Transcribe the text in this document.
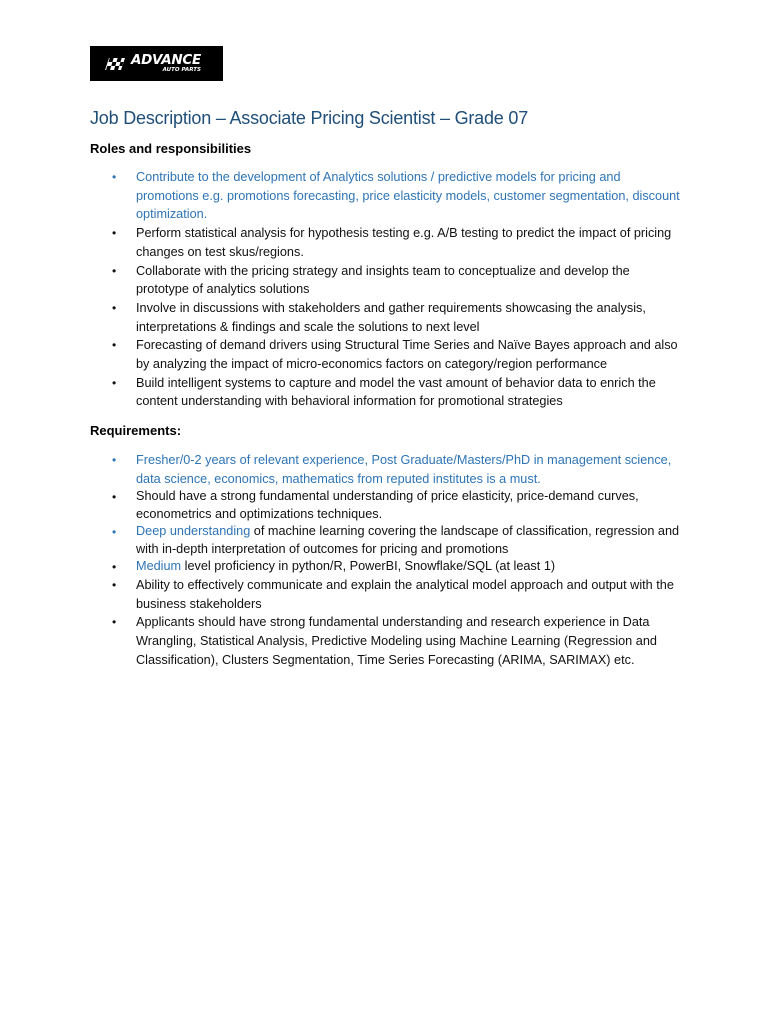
ADVANCE
AUTO PARTS
Job Description – Associate Pricing Scientist – Grade 07
Roles and responsibilities
• Contribute to the development of Analytics solutions / predictive models for pricing and promotions e.g. promotions forecasting, price elasticity models, customer segmentation, discount optimization.
• Perform statistical analysis for hypothesis testing e.g. A/B testing to predict the impact of pricing changes on test skus/regions.
• Collaborate with the pricing strategy and insights team to conceptualize and develop the prototype of analytics solutions
• Involve in discussions with stakeholders and gather requirements showcasing the analysis, interpretations & findings and scale the solutions to next level
• Forecasting of demand drivers using Structural Time Series and Naïve Bayes approach and also by analyzing the impact of micro-economics factors on category/region performance
• Build intelligent systems to capture and model the vast amount of behavior data to enrich the content understanding with behavioral information for promotional strategies
Requirements:
• Fresher/0-2 years of relevant experience, Post Graduate/Masters/PhD in management science, data science, economics, mathematics from reputed institutes is a must.
• Should have a strong fundamental understanding of price elasticity, price-demand curves, econometrics and optimizations techniques.
• Deep understanding of machine learning covering the landscape of classification, regression and with in-depth interpretation of outcomes for pricing and promotions
• Medium level proficiency in python/R, PowerBI, Snowflake/SQL (at least 1)
• Ability to effectively communicate and explain the analytical model approach and output with the business stakeholders
• Applicants should have strong fundamental understanding and research experience in Data Wrangling, Statistical Analysis, Predictive Modeling using Machine Learning (Regression and Classification), Clusters Segmentation, Time Series Forecasting (ARIMA, SARIMAX) etc.
